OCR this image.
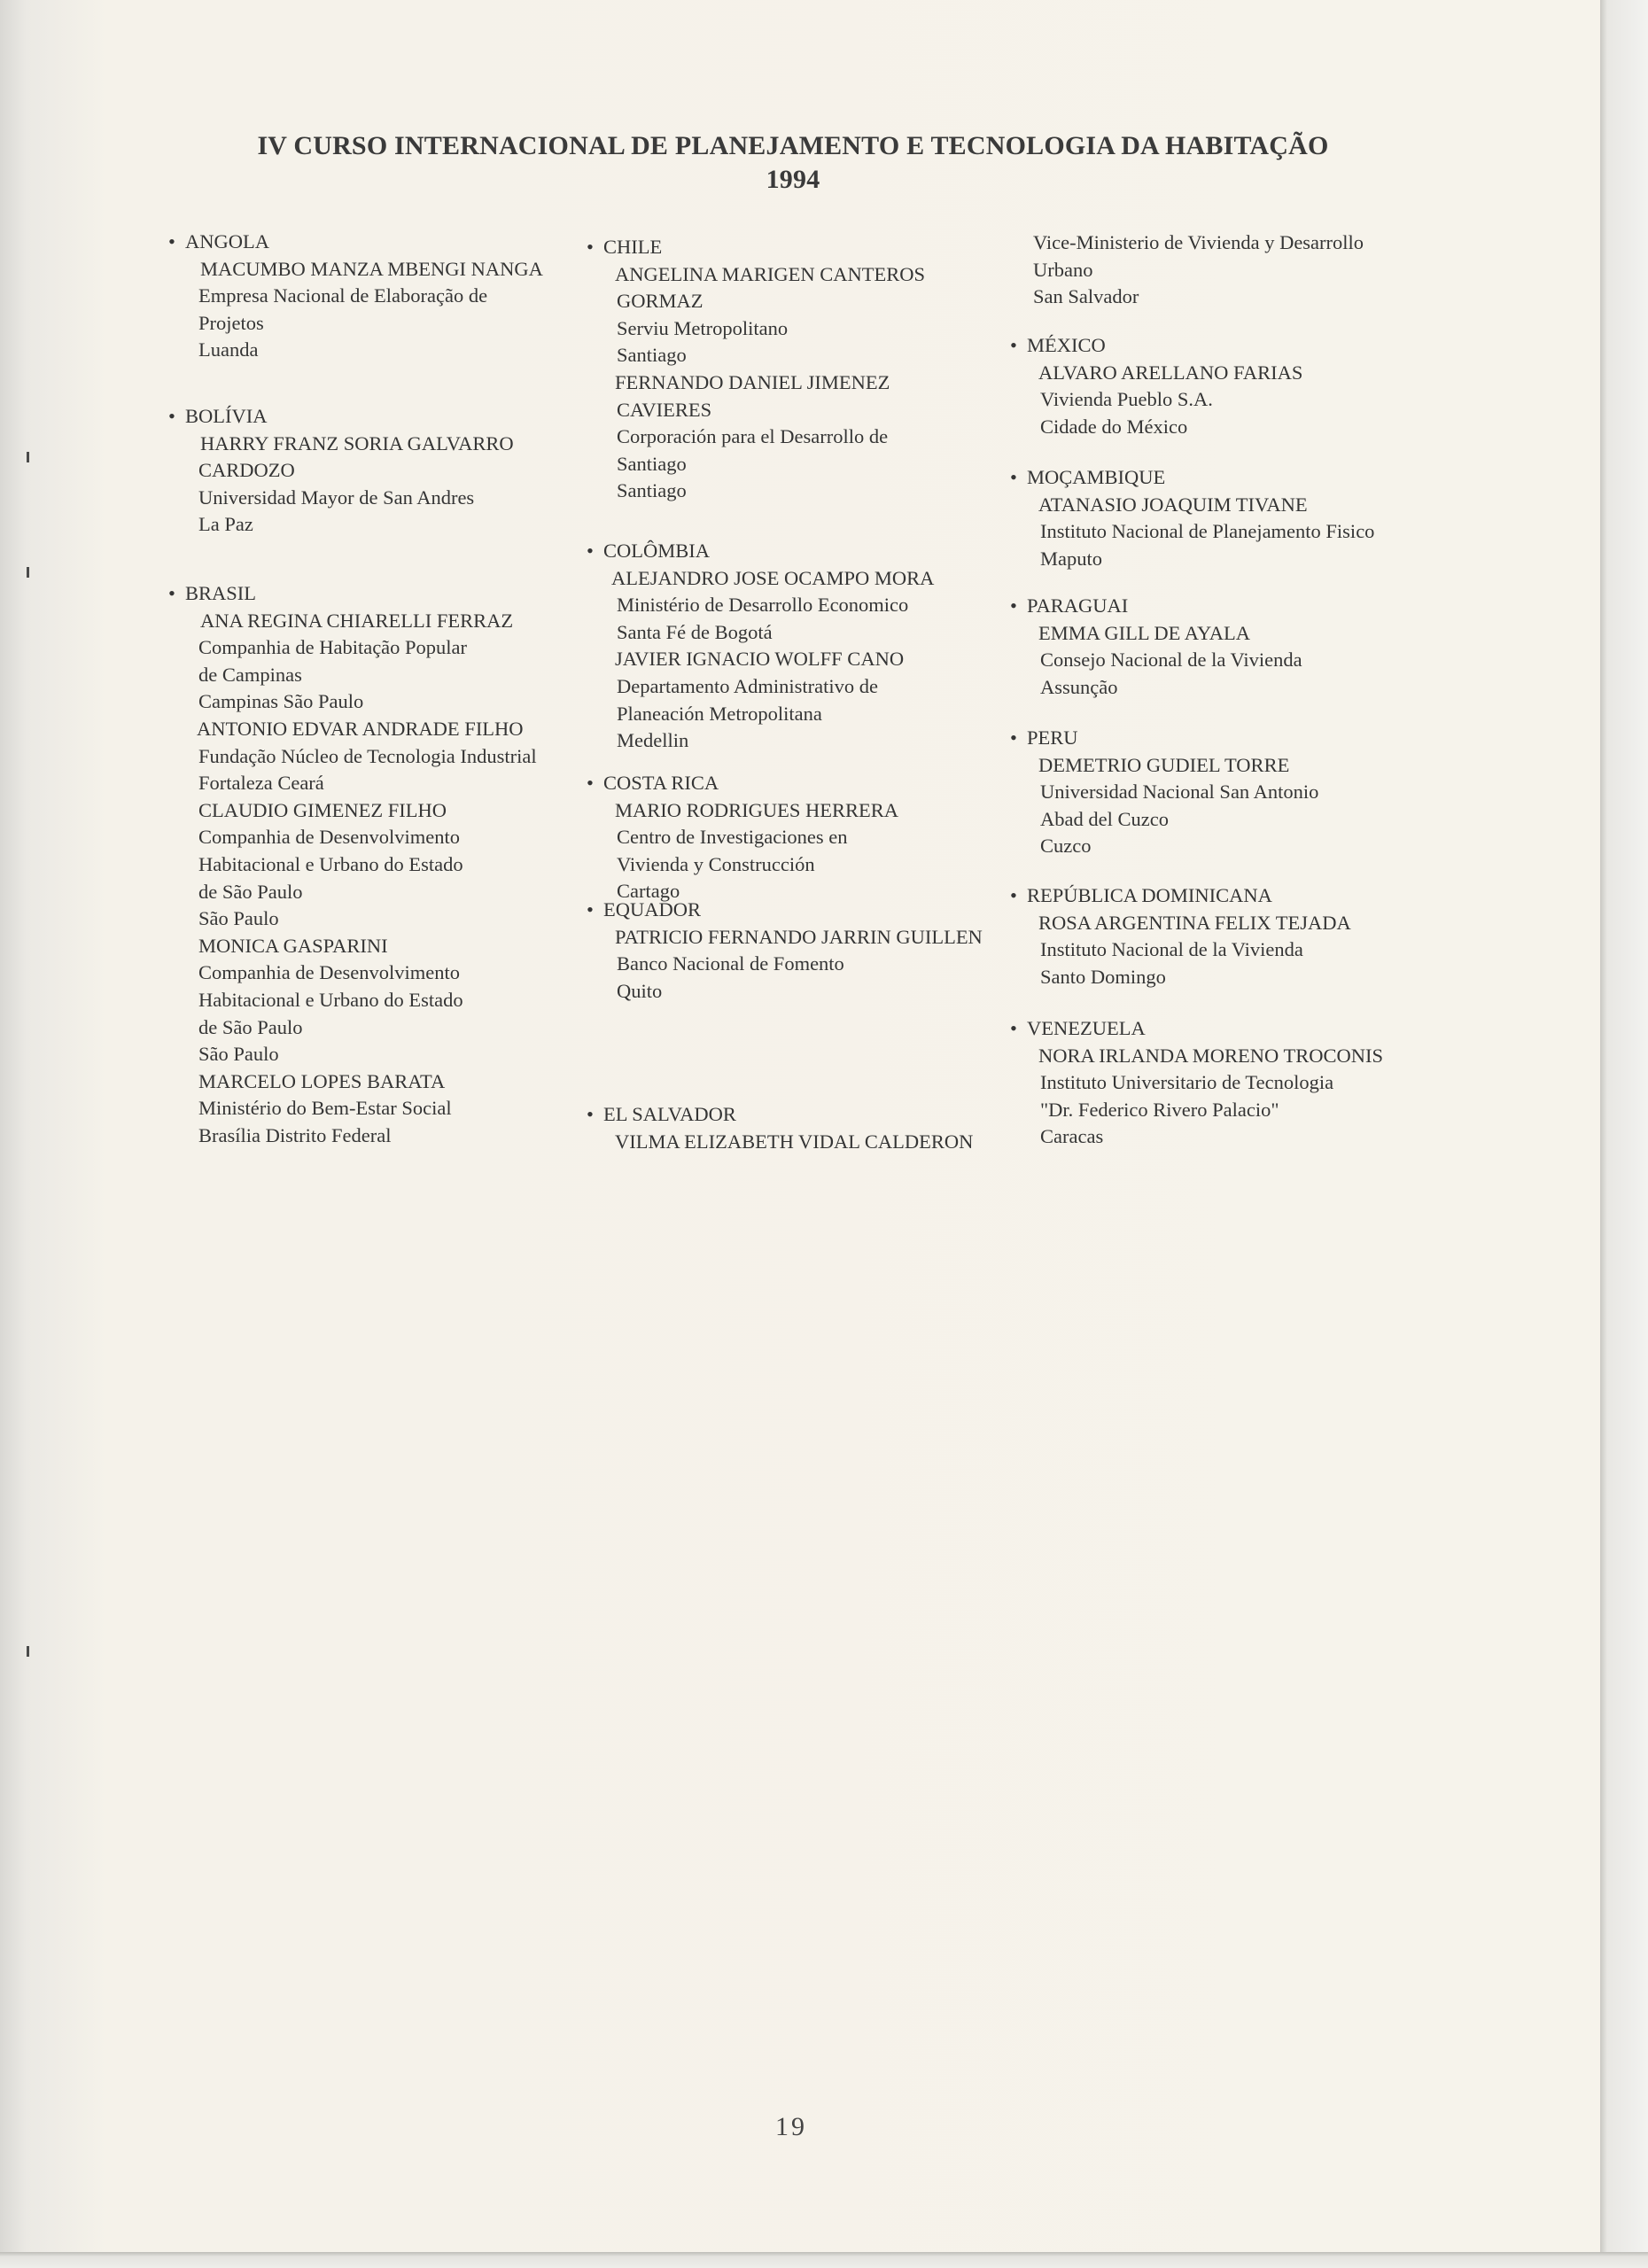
IV CURSO INTERNACIONAL DE PLANEJAMENTO E TECNOLOGIA DA HABITAÇÃO
1994
• ANGOLA
MACUMBO MANZA MBENGI NANGA
Empresa Nacional de Elaboração de
Projetos
Luanda
• BOLÍVIA
HARRY FRANZ SORIA GALVARRO
CARDOZO
Universidad Mayor de San Andres
La Paz
• BRASIL
ANA REGINA CHIARELLI FERRAZ
Companhia de Habitação Popular
de Campinas
Campinas São Paulo
ANTONIO EDVAR ANDRADE FILHO
Fundação Núcleo de Tecnologia Industrial
Fortaleza Ceará
CLAUDIO GIMENEZ FILHO
Companhia de Desenvolvimento
Habitacional e Urbano do Estado
de São Paulo
São Paulo
MONICA GASPARINI
Companhia de Desenvolvimento
Habitacional e Urbano do Estado
de São Paulo
São Paulo
MARCELO LOPES BARATA
Ministério do Bem-Estar Social
Brasília Distrito Federal
• CHILE
ANGELINA MARIGEN CANTEROS
GORMAZ
Serviu Metropolitano
Santiago
FERNANDO DANIEL JIMENEZ
CAVIERES
Corporación para el Desarrollo de
Santiago
Santiago
• COLÔMBIA
ALEJANDRO JOSE OCAMPO MORA
Ministério de Desarrollo Economico
Santa Fé de Bogotá
JAVIER IGNACIO WOLFF CANO
Departamento Administrativo de
Planeación Metropolitana
Medellin
• COSTA RICA
MARIO RODRIGUES HERRERA
Centro de Investigaciones en
Vivienda y Construcción
Cartago
• EQUADOR
PATRICIO FERNANDO JARRIN GUILLEN
Banco Nacional de Fomento
Quito
• EL SALVADOR
VILMA ELIZABETH VIDAL CALDERON
Vice-Ministerio de Vivienda y Desarrollo
Urbano
San Salvador
• MÉXICO
ALVARO ARELLANO FARIAS
Vivienda Pueblo S.A.
Cidade do México
• MOÇAMBIQUE
ATANASIO JOAQUIM TIVANE
Instituto Nacional de Planejamento Fisico
Maputo
• PARAGUAI
EMMA GILL DE AYALA
Consejo Nacional de la Vivienda
Assunção
• PERU
DEMETRIO GUDIEL TORRE
Universidad Nacional San Antonio
Abad del Cuzco
Cuzco
• REPÚBLICA DOMINICANA
ROSA ARGENTINA FELIX TEJADA
Instituto Nacional de la Vivienda
Santo Domingo
• VENEZUELA
NORA IRLANDA MORENO TROCONIS
Instituto Universitario de Tecnologia
"Dr. Federico Rivero Palacio"
Caracas
19
